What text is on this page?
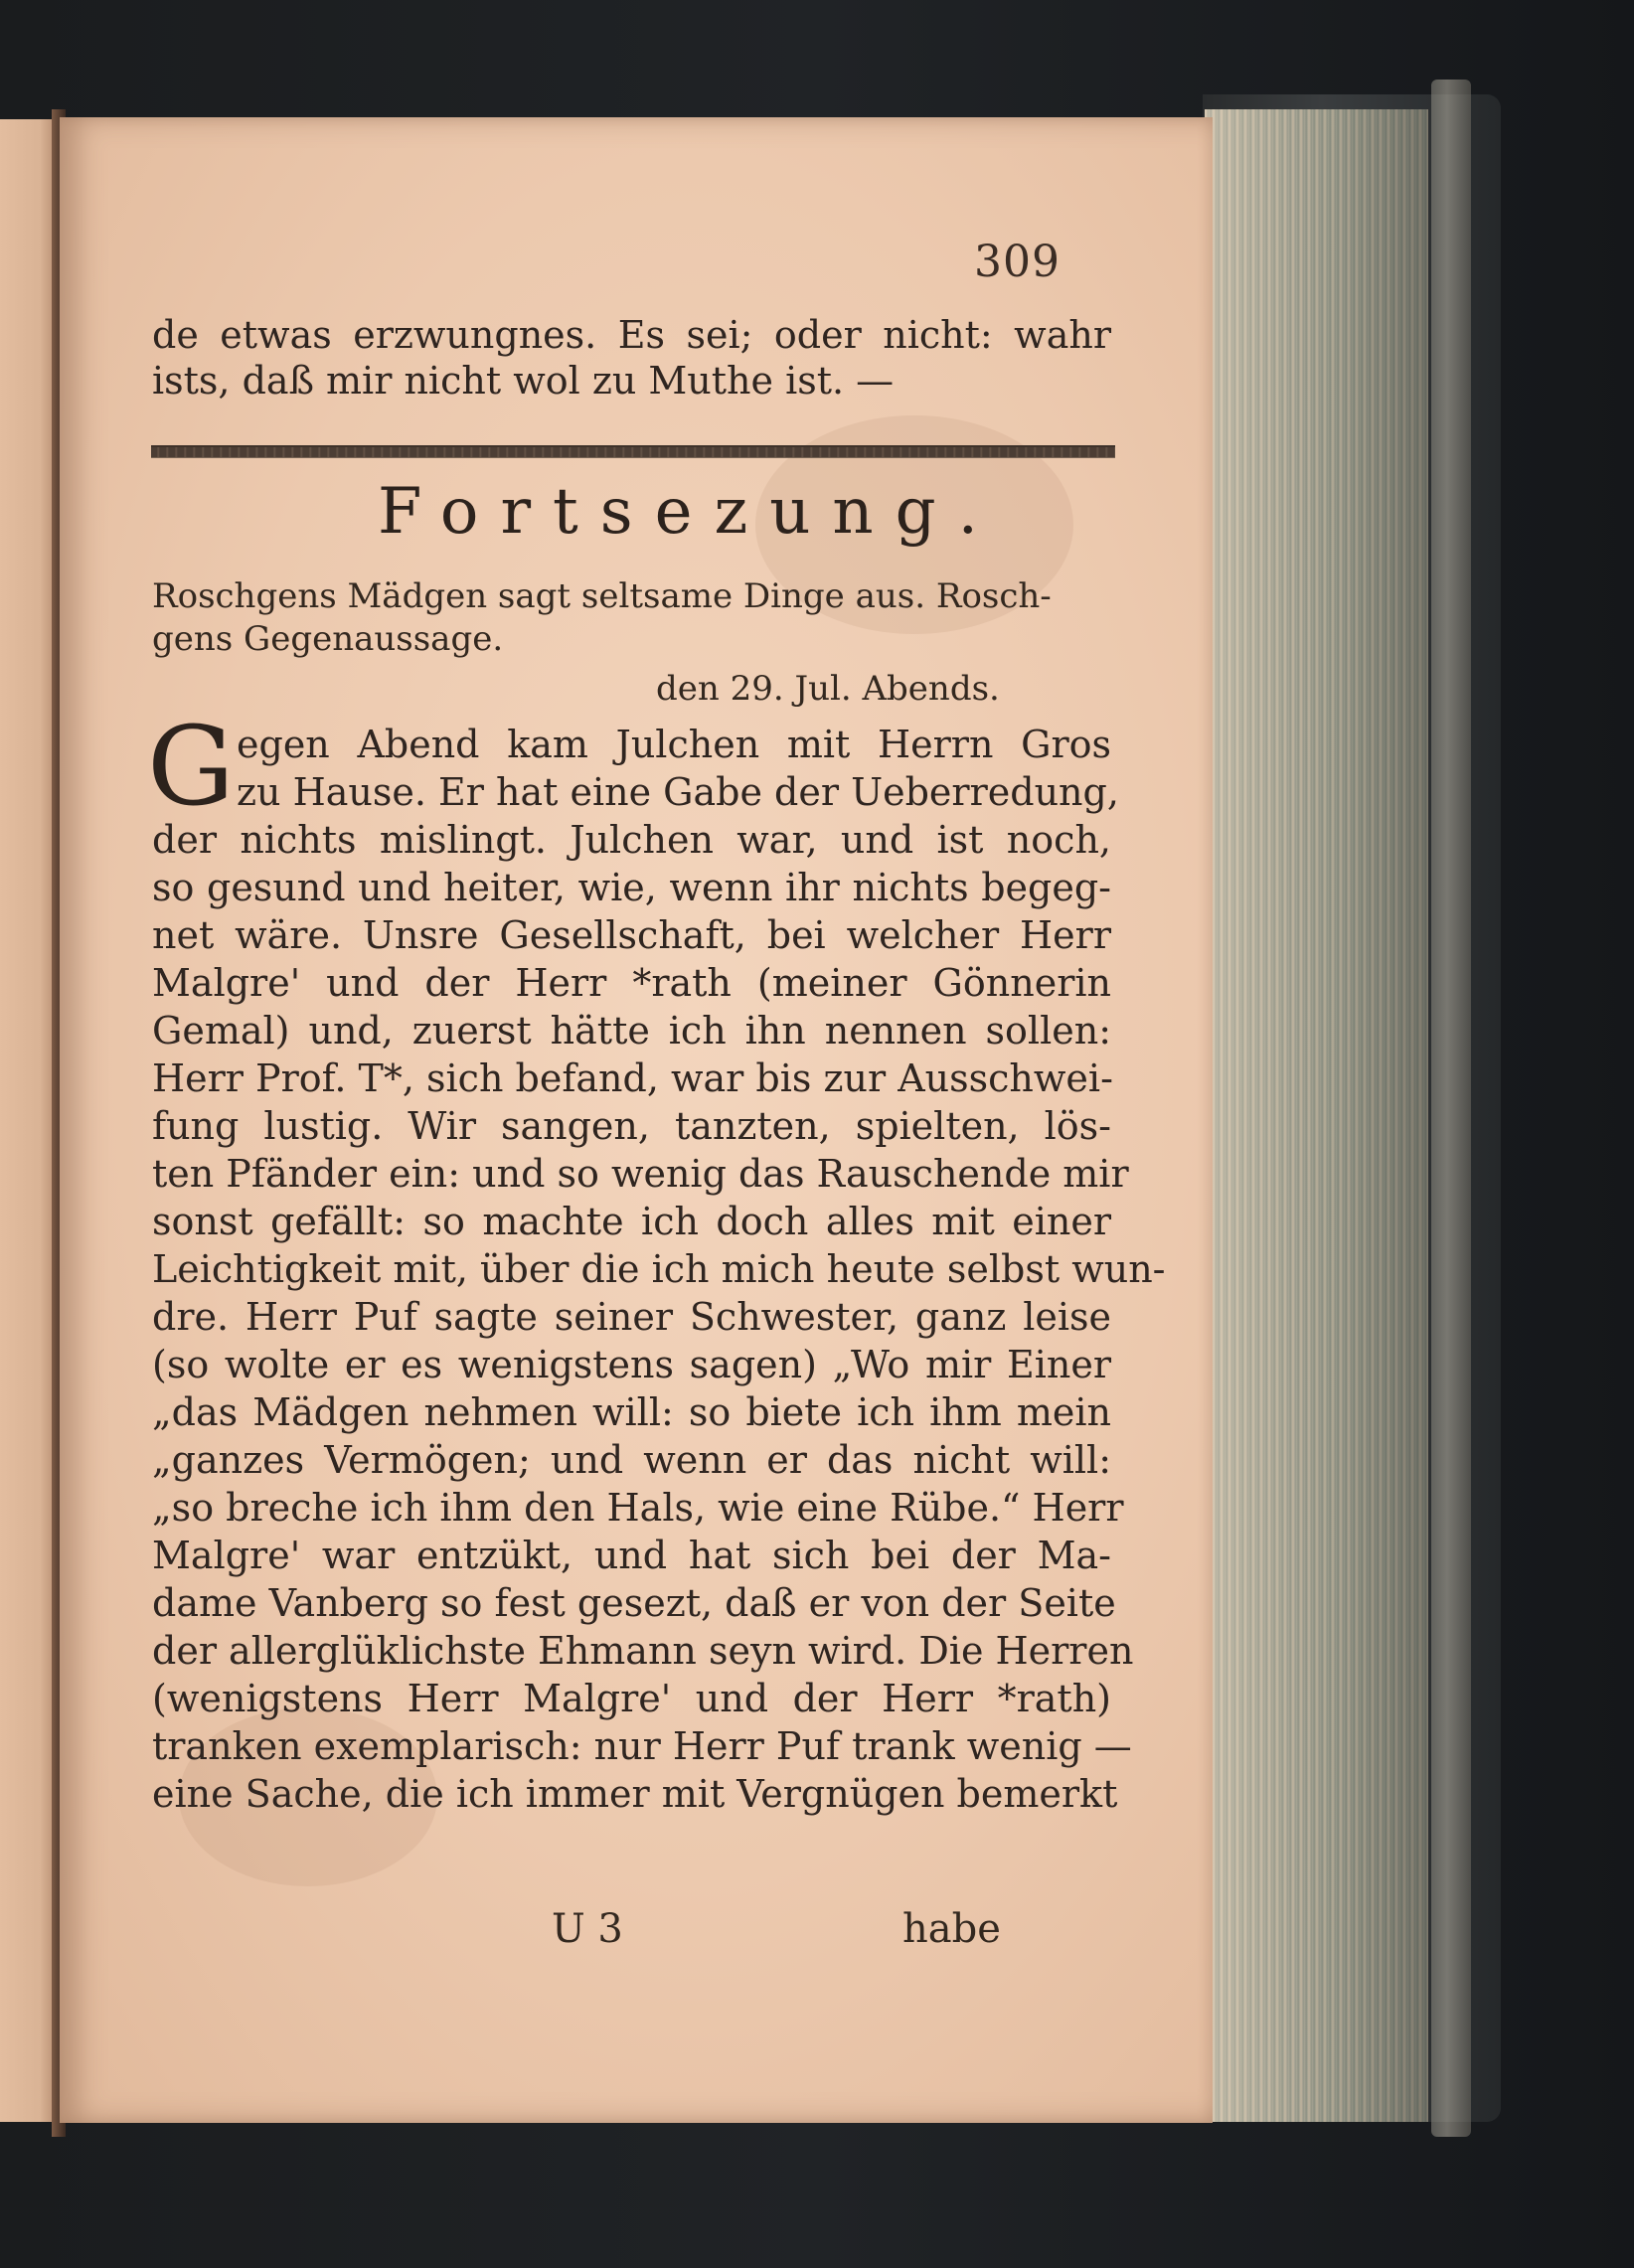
309
de etwas erzwungnes. Es sei; oder nicht: wahr
ists, daß mir nicht wol zu Muthe ist. —
Fortsezung.
Roschgens Mädgen sagt seltsame Dinge aus. Rosch-
gens Gegenaussage.
den 29. Jul. Abends.
G egen Abend kam Julchen mit Herrn Gros
zu Hause. Er hat eine Gabe der Ueberredung,
der nichts mislingt. Julchen war, und ist noch,
so gesund und heiter, wie, wenn ihr nichts begeg-
net wäre. Unsre Gesellschaft, bei welcher Herr
Malgre' und der Herr *rath (meiner Gönnerin
Gemal) und, zuerst hätte ich ihn nennen sollen:
Herr Prof. T*, sich befand, war bis zur Ausschwei-
fung lustig. Wir sangen, tanzten, spielten, lös-
ten Pfänder ein: und so wenig das Rauschende mir
sonst gefällt: so machte ich doch alles mit einer
Leichtigkeit mit, über die ich mich heute selbst wun-
dre. Herr Puf sagte seiner Schwester, ganz leise
(so wolte er es wenigstens sagen) „Wo mir Einer
„das Mädgen nehmen will: so biete ich ihm mein
„ganzes Vermögen; und wenn er das nicht will:
„so breche ich ihm den Hals, wie eine Rübe.“ Herr
Malgre' war entzükt, und hat sich bei der Ma-
dame Vanberg so fest gesezt, daß er von der Seite
der allerglüklichste Ehmann seyn wird. Die Herren
(wenigstens Herr Malgre' und der Herr *rath)
tranken exemplarisch: nur Herr Puf trank wenig —
eine Sache, die ich immer mit Vergnügen bemerkt
U 3	habe
